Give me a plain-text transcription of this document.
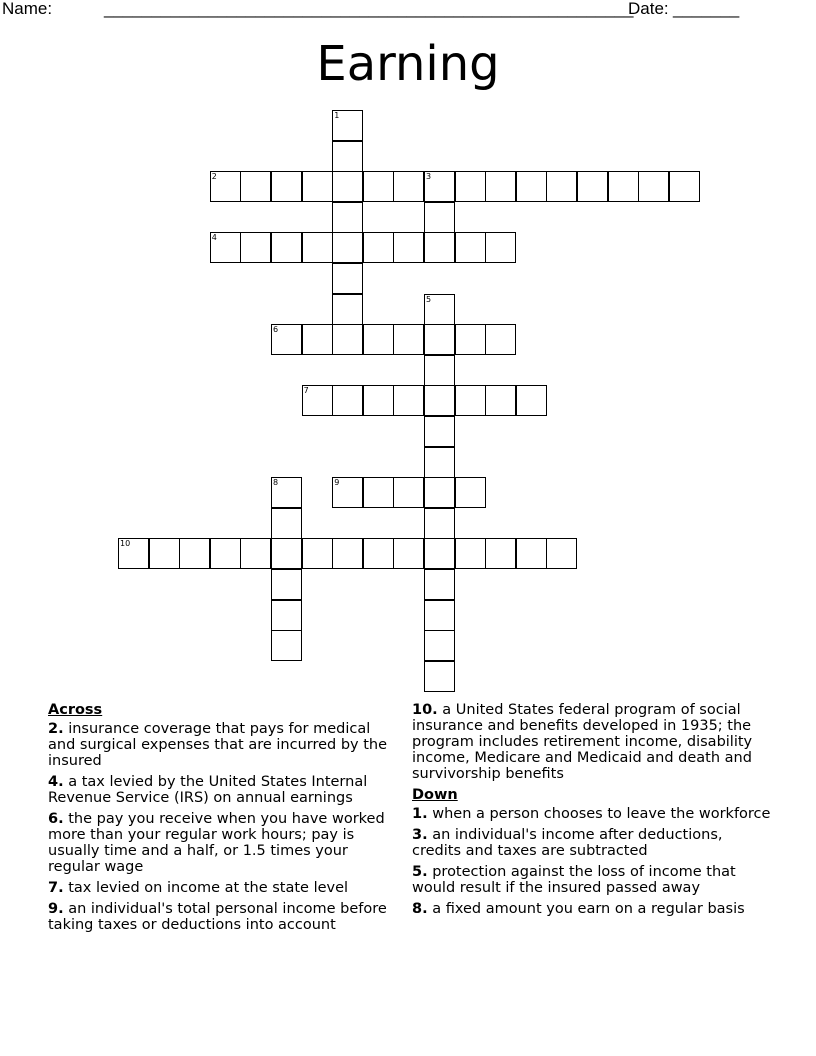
Name:	________________________________________________________
Date: _______
Earning
1
2	3
4
5
6
7
8	9
10
Across
2. insurance coverage that pays for medical and surgical expenses that are incurred by the insured
4. a tax levied by the United States Internal Revenue Service (IRS) on annual earnings
6. the pay you receive when you have worked more than your regular work hours; pay is usually time and a half, or 1.5 times your regular wage
7. tax levied on income at the state level
9. an individual's total personal income before taking taxes or deductions into account
10. a United States federal program of social insurance and benefits developed in 1935; the program includes retirement income, disability income, Medicare and Medicaid and death and survivorship benefits
Down
1. when a person chooses to leave the workforce
3. an individual's income after deductions, credits and taxes are subtracted
5. protection against the loss of income that would result if the insured passed away
8. a fixed amount you earn on a regular basis
